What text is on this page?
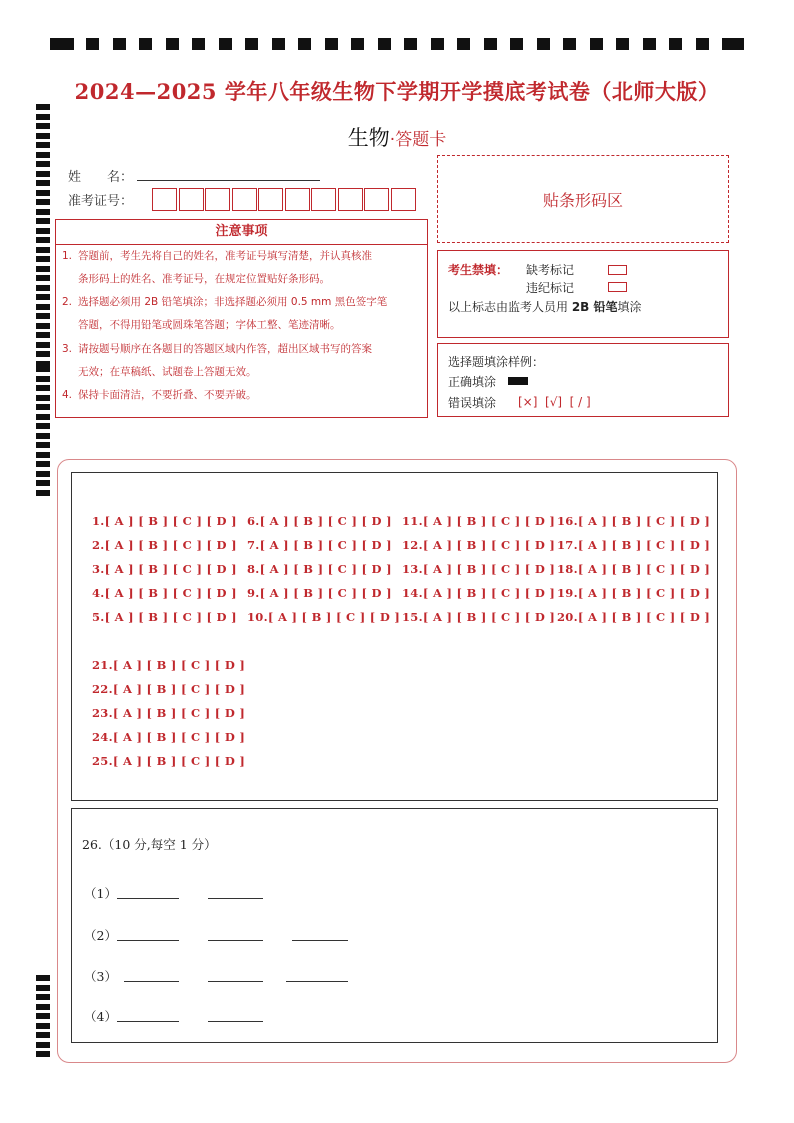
2024—2025 学年八年级生物下学期开学摸底考试卷（北师大版）
生物·答题卡
姓　　名：
准考证号：	贴条形码区
注意事项
1. 答题前，考生先将自己的姓名，准考证号填写清楚，并认真核准
条形码上的姓名、准考证号，在规定位置贴好条形码。
2. 选择题必须用 2B 铅笔填涂；非选择题必须用 0.5 mm 黑色签字笔
答题，不得用铅笔或圆珠笔答题；字体工整、笔迹清晰。
3. 请按题号顺序在各题目的答题区域内作答，超出区域书写的答案
无效；在草稿纸、试题卷上答题无效。
4. 保持卡面清洁，不要折叠、不要弄破。
考生禁填： 缺考标记
违纪标记
以上标志由监考人员用 2B 铅笔填涂
选择题填涂样例：
正确填涂
错误填涂 [×]  [√]  [ / ]
1.[ A ] [ B ] [ C ] [ D ]
2.[ A ] [ B ] [ C ] [ D ]
3.[ A ] [ B ] [ C ] [ D ]
4.[ A ] [ B ] [ C ] [ D ]
5.[ A ] [ B ] [ C ] [ D ]
6.[ A ] [ B ] [ C ] [ D ]
7.[ A ] [ B ] [ C ] [ D ]
8.[ A ] [ B ] [ C ] [ D ]
9.[ A ] [ B ] [ C ] [ D ]
10.[ A ] [ B ] [ C ] [ D ]
11.[ A ] [ B ] [ C ] [ D ]
12.[ A ] [ B ] [ C ] [ D ]
13.[ A ] [ B ] [ C ] [ D ]
14.[ A ] [ B ] [ C ] [ D ]
15.[ A ] [ B ] [ C ] [ D ]
16.[ A ] [ B ] [ C ] [ D ]
17.[ A ] [ B ] [ C ] [ D ]
18.[ A ] [ B ] [ C ] [ D ]
19.[ A ] [ B ] [ C ] [ D ]
20.[ A ] [ B ] [ C ] [ D ]
21.[ A ] [ B ] [ C ] [ D ]
22.[ A ] [ B ] [ C ] [ D ]
23.[ A ] [ B ] [ C ] [ D ]
24.[ A ] [ B ] [ C ] [ D ]
25.[ A ] [ B ] [ C ] [ D ]
26.（10 分,每空 1 分）
（1）
（2）
（3）
（4）
